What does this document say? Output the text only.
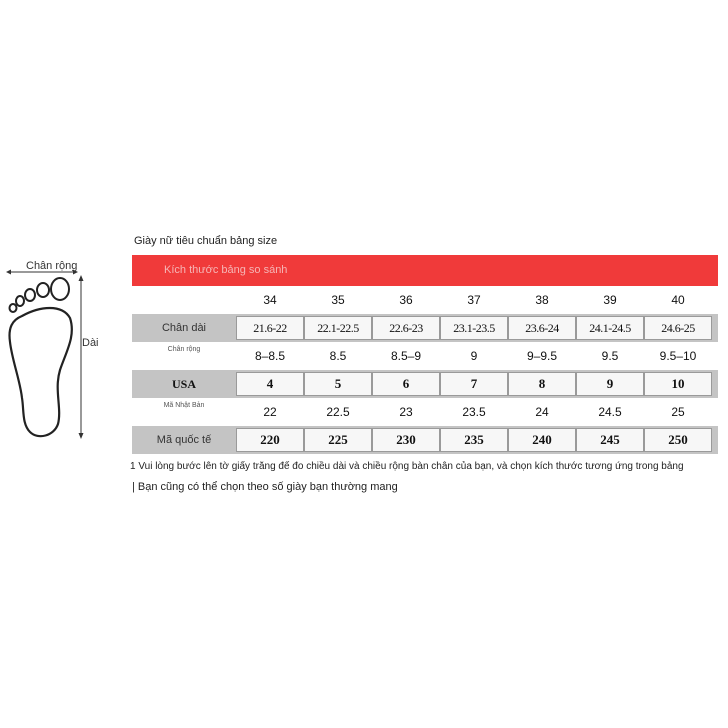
Chân rộng
Dài
Giày nữ tiêu chuẩn bảng size
Kích thước bảng so sánh
34	35	36	37	38	39	40
Chân dài	21.6-22	22.1-22.5	22.6-23	23.1-23.5	23.6-24	24.1-24.5	24.6-25
Chân rộng	8–8.5	8.5	8.5–9	9	9–9.5	9.5	9.5–10
USA	4	5	6	7	8	9	10
Mã Nhật Bản	22	22.5	23	23.5	24	24.5	25
Mã quốc tế	220	225	230	235	240	245	250
1 Vui lòng bước lên tờ giấy trắng để đo chiều dài và chiều rộng bàn chân của bạn, và chọn kích thước tương ứng trong bảng
| Bạn cũng có thể chọn theo số giày bạn thường mang
